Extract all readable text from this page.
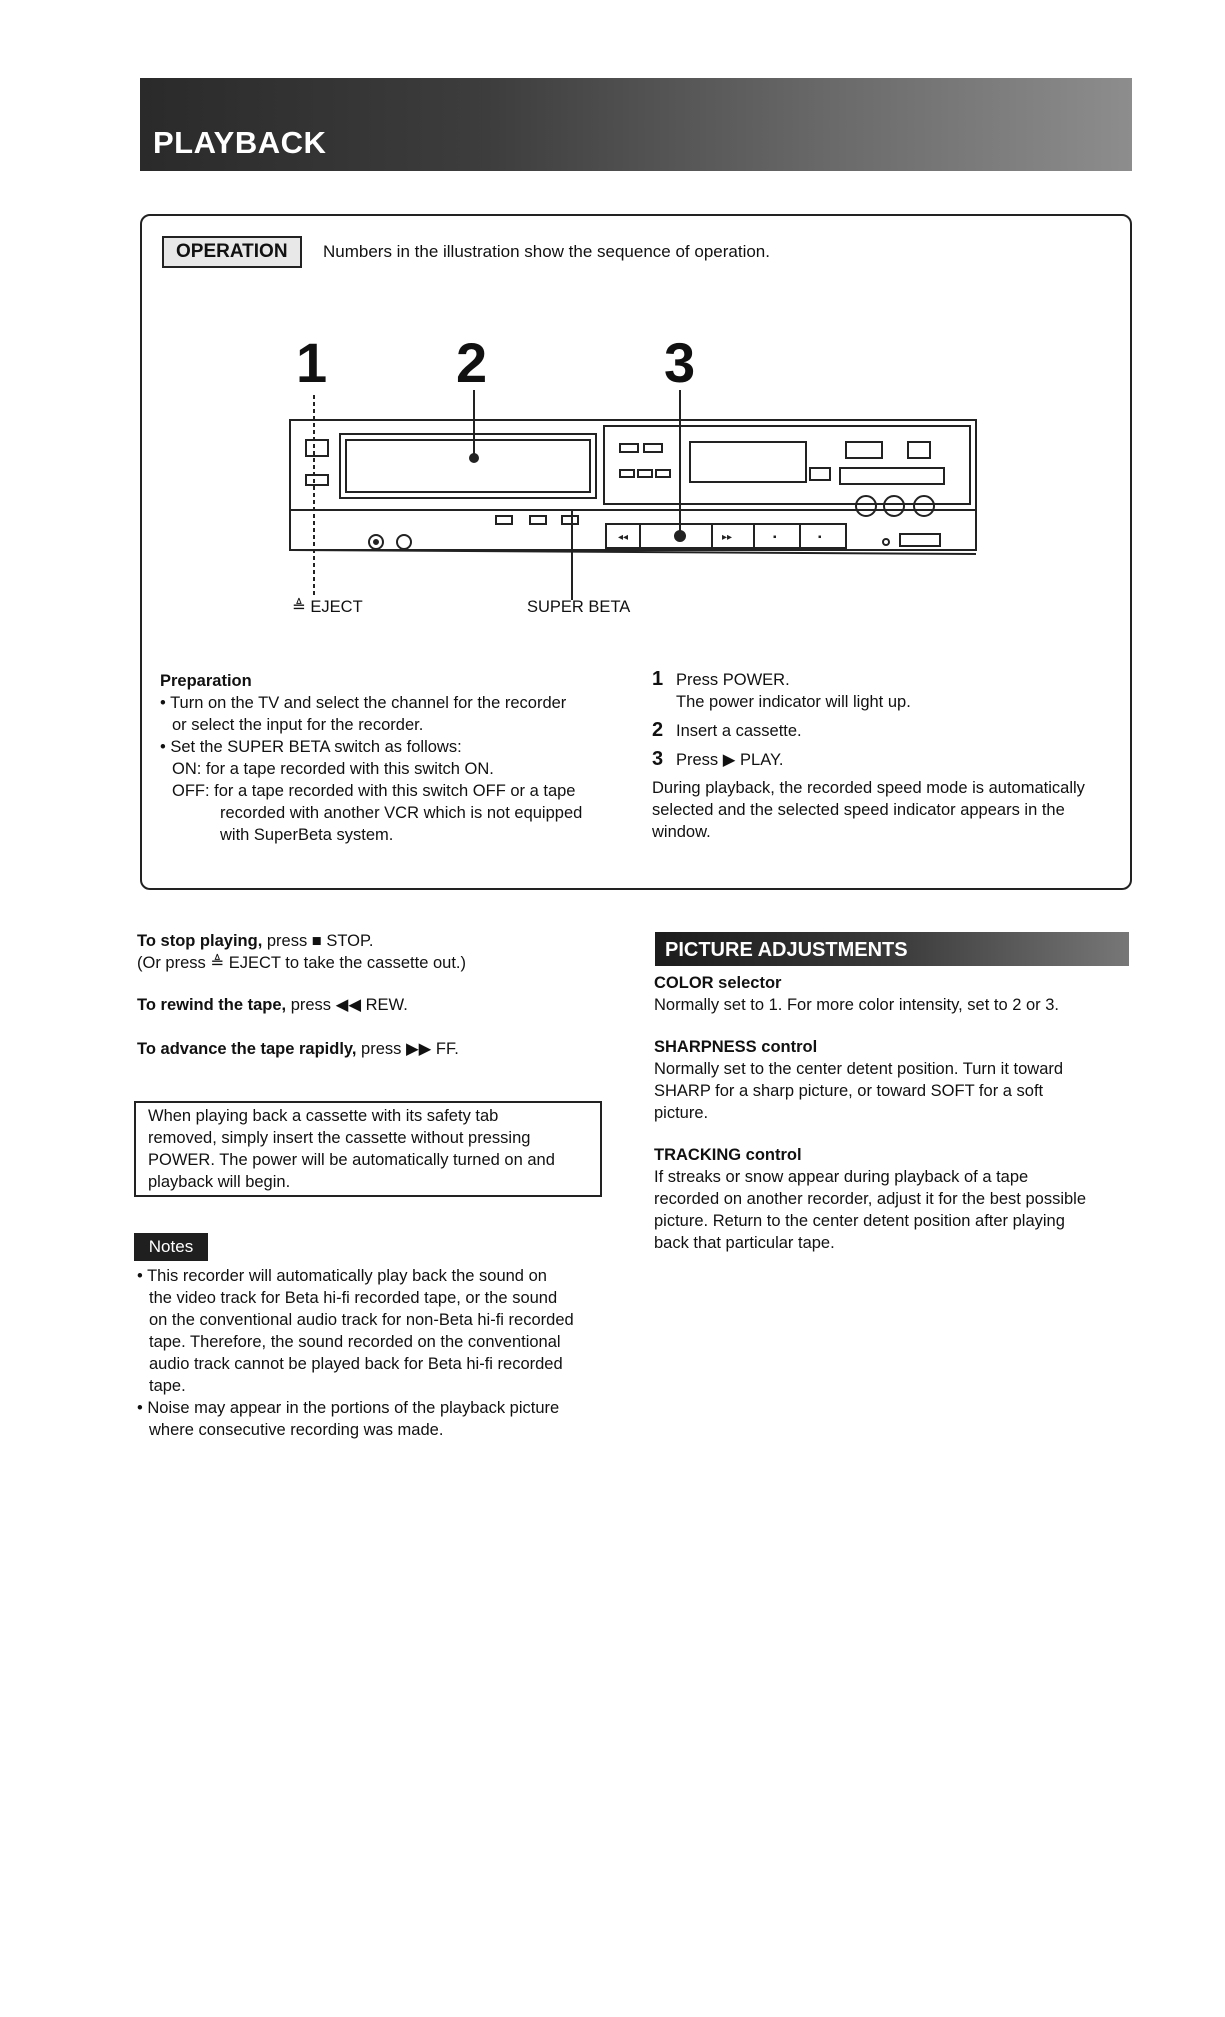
PLAYBACK
OPERATION	Numbers in the illustration show the sequence of operation.
1 2	3
◂◂	▸▸	▪	▪
≜ EJECT	SUPER BETA
Preparation
• Turn on the TV and select the channel for the recorder
or select the input for the recorder.
• Set the SUPER BETA switch as follows:
ON: for a tape recorded with this switch ON.
OFF: for a tape recorded with this switch OFF or a tape
recorded with another VCR which is not equipped
with SuperBeta system.
1 Press POWER.
The power indicator will light up.
2 Insert a cassette.
3 Press ▶ PLAY.
During playback, the recorded speed mode is automatically
selected and the selected speed indicator appears in the
window.
To stop playing, press ■ STOP.
(Or press ≜ EJECT to take the cassette out.)
To rewind the tape, press ◀◀ REW.
To advance the tape rapidly, press ▶▶ FF.
When playing back a cassette with its safety tab
removed, simply insert the cassette without pressing
POWER. The power will be automatically turned on and
playback will begin.
Notes
• This recorder will automatically play back the sound on
the video track for Beta hi-fi recorded tape, or the sound
on the conventional audio track for non-Beta hi-fi recorded
tape. Therefore, the sound recorded on the conventional
audio track cannot be played back for Beta hi-fi recorded
tape.
• Noise may appear in the portions of the playback picture
where consecutive recording was made.
PICTURE ADJUSTMENTS
COLOR selector
Normally set to 1. For more color intensity, set to 2 or 3.
SHARPNESS control
Normally set to the center detent position. Turn it toward
SHARP for a sharp picture, or toward SOFT for a soft
picture.
TRACKING control
If streaks or snow appear during playback of a tape
recorded on another recorder, adjust it for the best possible
picture. Return to the center detent position after playing
back that particular tape.
